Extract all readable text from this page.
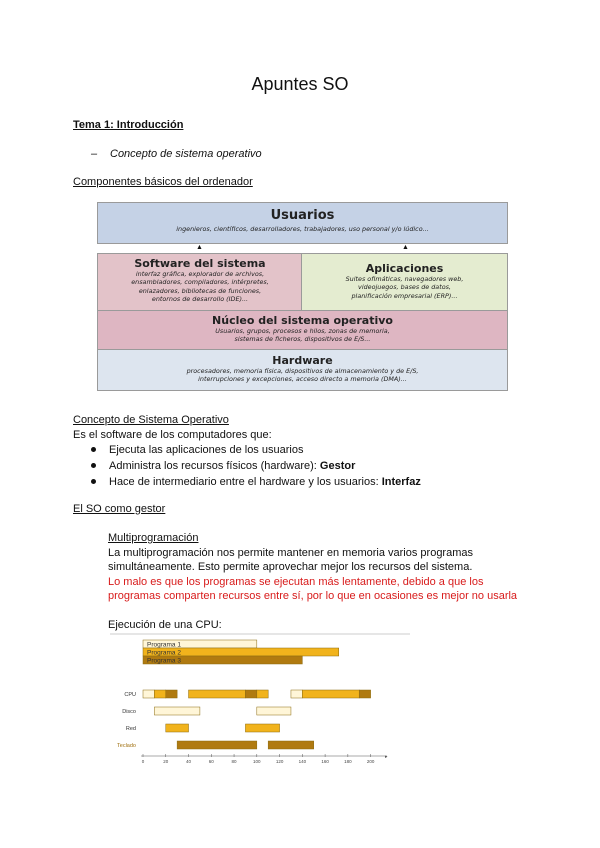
Apuntes SO
Tema 1: Introducción
– Concepto de sistema operativo
Componentes básicos del ordenador
Usuarios
ingenieros, científicos, desarrolladores, trabajadores, uso personal y/o lúdico...
▲	▲
Software del sistema
interfaz gráfica, explorador de archivos,
ensambladores, compiladores, intérpretes,
enlazadores, bibliotecas de funciones,
entornos de desarrollo (IDE)...
Aplicaciones
Suites ofimáticas, navegadores web,
videojuegos, bases de datos,
planificación empresarial (ERP)...
Núcleo del sistema operativo
Usuarios, grupos, procesos e hilos, zonas de memoria,
sistemas de ficheros, dispositivos de E/S...
Hardware
procesadores, memoria física, dispositivos de almacenamiento y de E/S,
interrupciones y excepciones, acceso directo a memoria (DMA)...
Concepto de Sistema Operativo
Es el software de los computadores que:
Ejecuta las aplicaciones de los usuarios
Administra los recursos físicos (hardware): Gestor
Hace de intermediario entre el hardware y los usuarios: Interfaz
El SO como gestor
Multiprogramación
La multiprogramación nos permite mantener en memoria varios programas
simultáneamente. Esto permite aprovechar mejor los recursos del sistema.
Lo malo es que los programas se ejecutan más lentamente, debido a que los
programas comparten recursos entre sí, por lo que en ocasiones es mejor no usarla
Ejecución de una CPU:
Programa 1
Programa 2
Programa 3
CPU
Disco
Red
Teclado
▸
0	20	40	60	80	100	120	140	160	180	200
